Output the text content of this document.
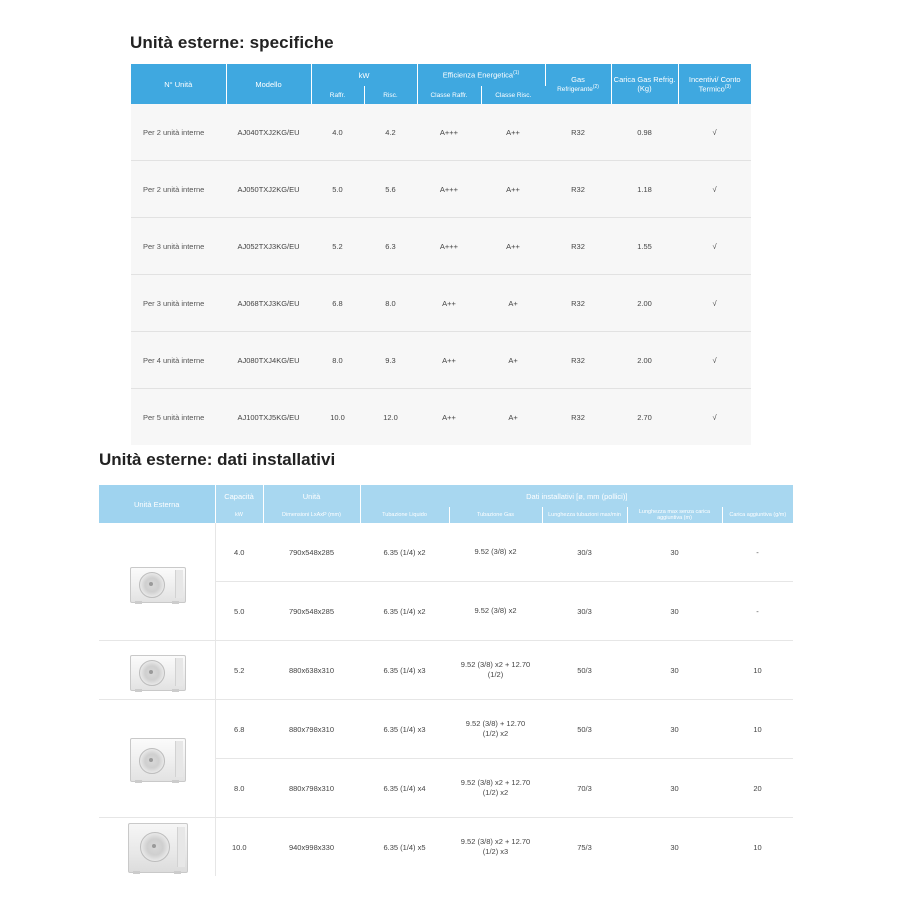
Unità esterne: specifiche
N° Unità	Modello	kW		Efficienza Energetica$^{(1)}$		Gas
Refrigerante$^{(2)}$	Carica Gas Refrig. (Kg)	Incentivi/ Conto Termico$^{(3)}$
		Raffr.	Risc.	Classe Raffr.	Classe Risc.			
Per 2 unità interne	AJ040TXJ2KG/EU	4.0	4.2	A+++	A++	R32	0.98	√
Per 2 unità interne	AJ050TXJ2KG/EU	5.0	5.6	A+++	A++	R32	1.18	√
Per 3 unità interne	AJ052TXJ3KG/EU	5.2	6.3	A+++	A++	R32	1.55	√
Per 3 unità interne	AJ068TXJ3KG/EU	6.8	8.0	A++	A+	R32	2.00	√
Per 4 unità interne	AJ080TXJ4KG/EU	8.0	9.3	A++	A+	R32	2.00	√
Per 5 unità interne	AJ100TXJ5KG/EU	10.0	12.0	A++	A+	R32	2.70	√
Unità esterne: dati installativi
Unità Esterna	Capacità	Unità	Dati installativi [ø, mm (pollici)]				
	kW	Dimensioni LxAxP (mm)	Tubazione Liquido	Tubazione Gas	Lunghezza tubazioni max/min	Lunghezza max senza carica aggiuntiva (m)	Carica aggiuntiva (g/m)

	4.0	790x548x285	6.35 (1/4) x2	9.52 (3/8) x2	30/3	30	-
	5.0	790x548x285	6.35 (1/4) x2	9.52 (3/8) x2	30/3	30	-

	5.2	880x638x310	6.35 (1/4) x3	9.52 (3/8) x2 + 12.70
(1/2)	50/3	30	10

	6.8	880x798x310	6.35 (1/4) x3	9.52 (3/8) + 12.70
(1/2) x2	50/3	30	10
	8.0	880x798x310	6.35 (1/4) x4	9.52 (3/8) x2 + 12.70
(1/2) x2	70/3	30	20

	10.0	940x998x330	6.35 (1/4) x5	9.52 (3/8) x2 + 12.70
(1/2) x3	75/3	30	10
